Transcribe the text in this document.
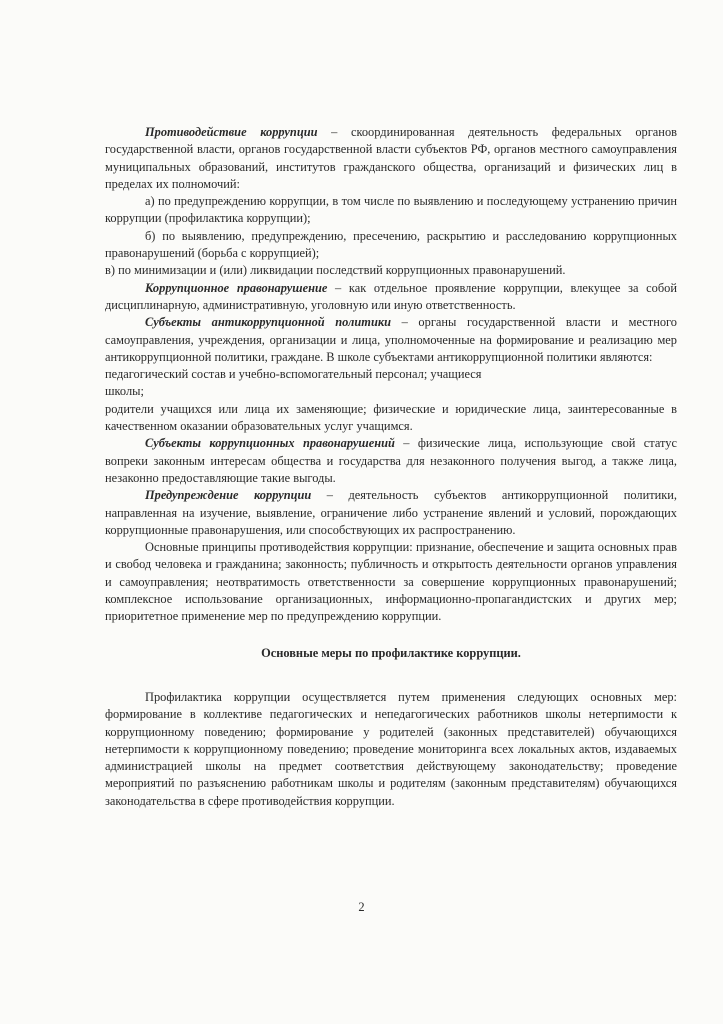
Противодействие коррупции – скоординированная деятельность федеральных органов государственной власти, органов государственной власти субъектов РФ, органов местного самоуправления муниципальных образований, институтов гражданского общества, организаций и физических лиц в пределах их полномочий:

а) по предупреждению коррупции, в том числе по выявлению и последующему устранению причин коррупции (профилактика коррупции);

б) по выявлению, предупреждению, пресечению, раскрытию и расследованию коррупционных правонарушений (борьба с коррупцией);

в) по минимизации и (или) ликвидации последствий коррупционных правонарушений.

Коррупционное правонарушение – как отдельное проявление коррупции, влекущее за собой дисциплинарную, административную, уголовную или иную ответственность.

Субъекты антикоррупционной политики – органы государственной власти и местного самоуправления, учреждения, организации и лица, уполномоченные на формирование и реализацию мер антикоррупционной политики, граждане. В школе субъектами антикоррупционной политики являются:

педагогический состав и учебно-вспомогательный персонал; учащиеся

школы;

родители учащихся или лица их заменяющие; физические и юридические лица, заинтересованные в качественном оказании образовательных услуг учащимся.

Субъекты коррупционных правонарушений – физические лица, использующие свой статус вопреки законным интересам общества и государства для незаконного получения выгод, а также лица, незаконно предоставляющие такие выгоды.

Предупреждение коррупции – деятельность субъектов антикоррупционной политики, направленная на изучение, выявление, ограничение либо устранение явлений и условий, порождающих коррупционные правонарушения, или способствующих их распространению.

Основные принципы противодействия коррупции: признание, обеспечение и защита основных прав и свобод человека и гражданина; законность; публичность и открытость деятельности органов управления и самоуправления; неотвратимость ответственности за совершение коррупционных правонарушений; комплексное использование организационных, информационно-пропагандистских и других мер; приоритетное применение мер по предупреждению коррупции.

Основные меры по профилактике коррупции.

Профилактика коррупции осуществляется путем применения следующих основных мер: формирование в коллективе педагогических и непедагогических работников школы нетерпимости к коррупционному поведению; формирование у родителей (законных представителей) обучающихся нетерпимости к коррупционному поведению; проведение мониторинга всех локальных актов, издаваемых администрацией школы на предмет соответствия действующему законодательству; проведение мероприятий по разъяснению работникам школы и родителям (законным представителям) обучающихся законодательства в сфере противодействия коррупции.

2
